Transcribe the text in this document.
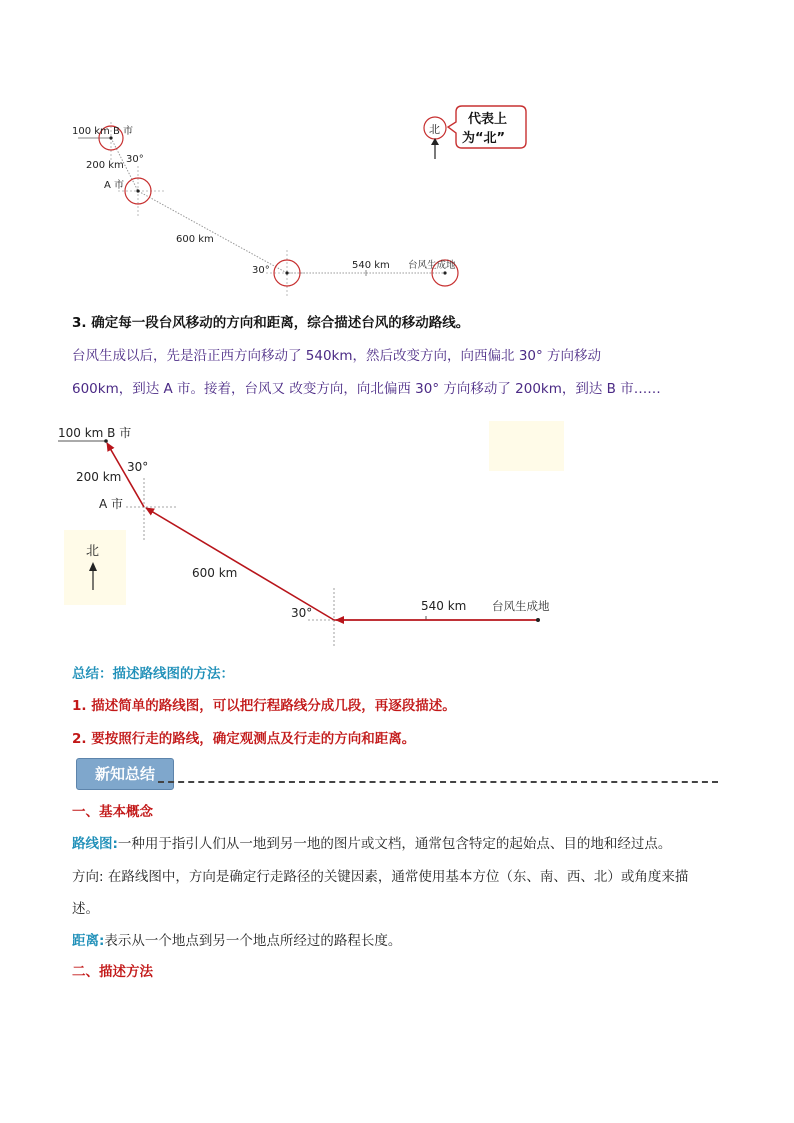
100 km B 市
200 km
30°
A 市
600 km
30°	540 km 台风生成地
北
代表上
为“北”
3. 确定每一段台风移动的方向和距离，综合描述台风的移动路线。
台风生成以后，先是沿正西方向移动了 540km，然后改变方向，向西偏北 30° 方向移动
600km，到达 A 市。接着，台风又 改变方向，向北偏西 30° 方向移动了 200km，到达 B 市……
100 km B 市
30°
200 km
A 市
600 km
30°	540 km 台风生成地
北
总结：描述路线图的方法：
1. 描述简单的路线图，可以把行程路线分成几段，再逐段描述。
2. 要按照行走的路线，确定观测点及行走的方向和距离。
新知总结
一、基本概念
路线图:一种用于指引人们从一地到另一地的图片或文档，通常包含特定的起始点、目的地和经过点。
方向: 在路线图中，方向是确定行走路径的关键因素，通常使用基本方位（东、南、西、北）或角度来描
述。
距离:表示从一个地点到另一个地点所经过的路程长度。
二、描述方法
